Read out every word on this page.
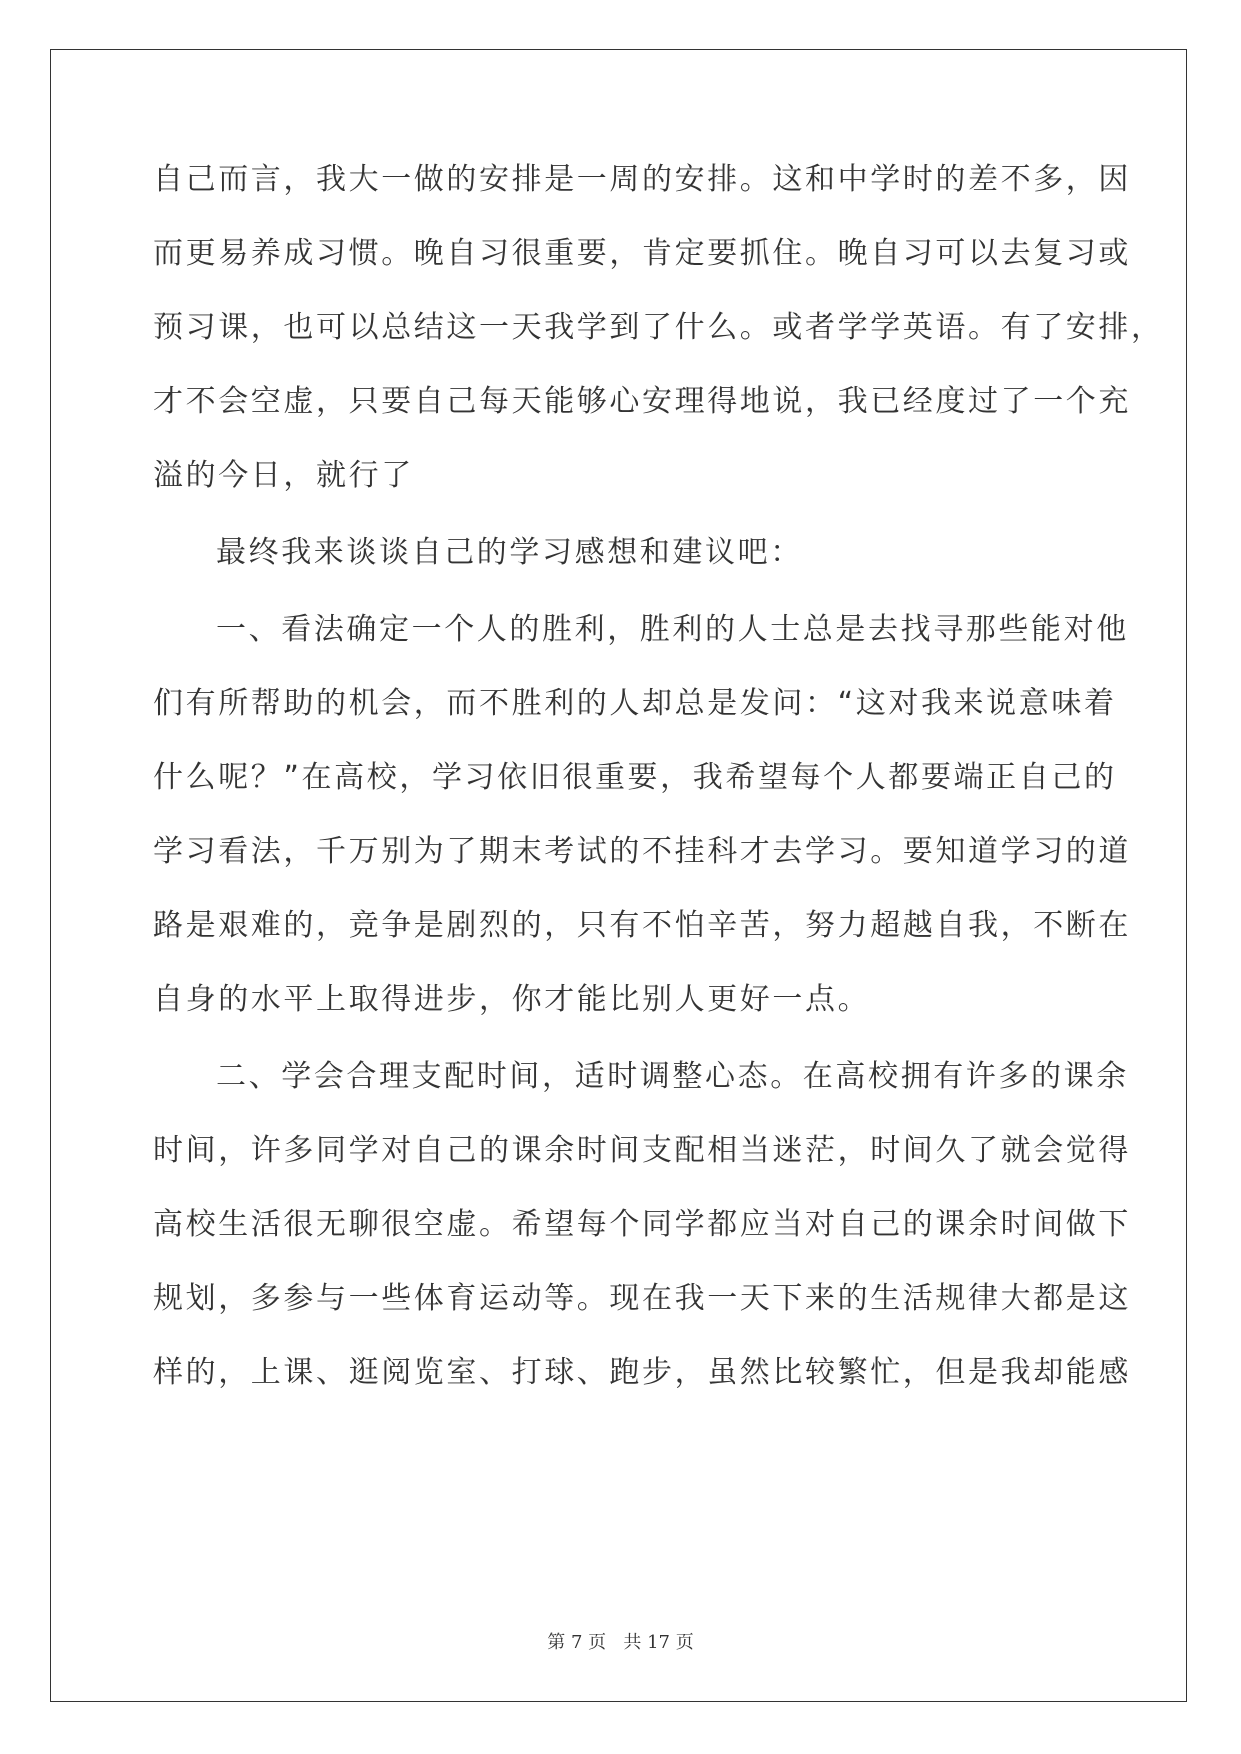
自己而言，我大一做的安排是一周的安排。这和中学时的差不多，因
而更易养成习惯。晚自习很重要，肯定要抓住。晚自习可以去复习或
预习课，也可以总结这一天我学到了什么。或者学学英语。有了安排，
才不会空虚，只要自己每天能够心安理得地说，我已经度过了一个充
溢的今日，就行了
最终我来谈谈自己的学习感想和建议吧：
一、看法确定一个人的胜利，胜利的人士总是去找寻那些能对他
们有所帮助的机会，而不胜利的人却总是发问：“这对我来说意味着
什么呢？”在高校，学习依旧很重要，我希望每个人都要端正自己的
学习看法，千万别为了期末考试的不挂科才去学习。要知道学习的道
路是艰难的，竞争是剧烈的，只有不怕辛苦，努力超越自我，不断在
自身的水平上取得进步，你才能比别人更好一点。
二、学会合理支配时间，适时调整心态。在高校拥有许多的课余
时间，许多同学对自己的课余时间支配相当迷茫，时间久了就会觉得
高校生活很无聊很空虚。希望每个同学都应当对自己的课余时间做下
规划，多参与一些体育运动等。现在我一天下来的生活规律大都是这
样的，上课、逛阅览室、打球、跑步，虽然比较繁忙，但是我却能感
第 7 页   共 17 页
